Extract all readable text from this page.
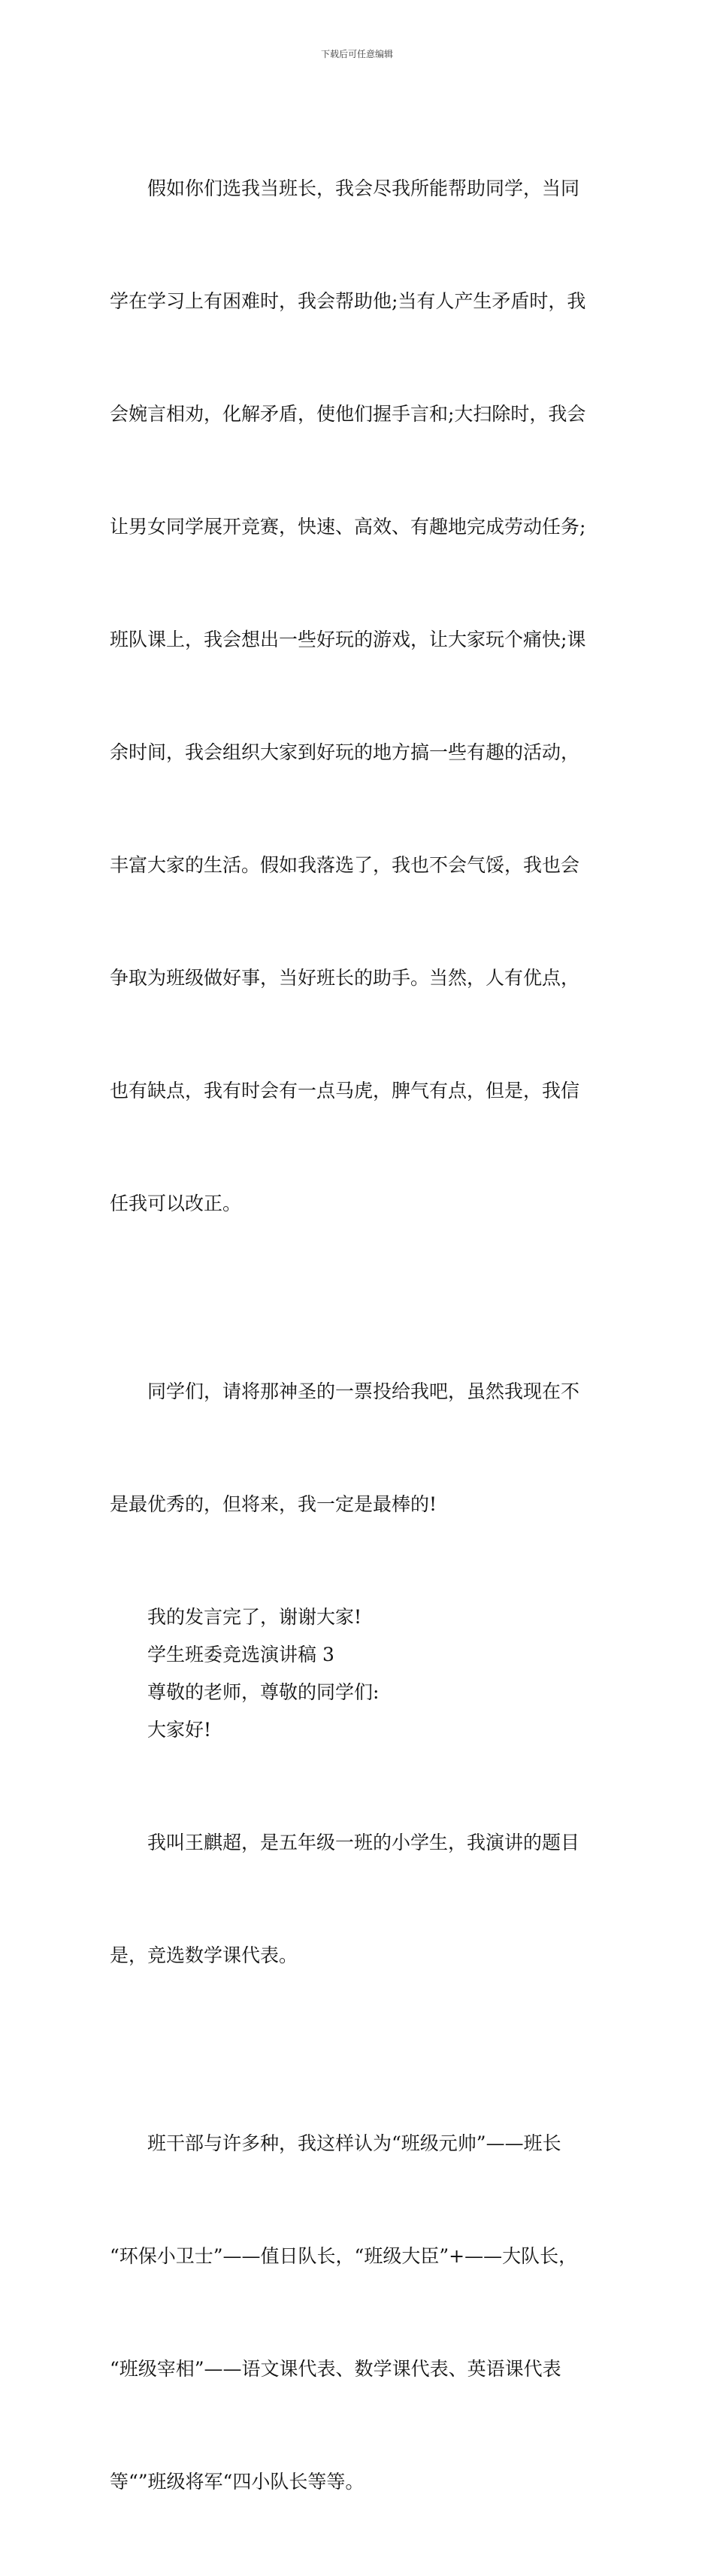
下载后可任意编辑

假如你们选我当班长，我会尽我所能帮助同学，当同

学在学习上有困难时，我会帮助他;当有人产生矛盾时，我

会婉言相劝，化解矛盾，使他们握手言和;大扫除时，我会

让男女同学展开竞赛，快速、高效、有趣地完成劳动任务;

班队课上，我会想出一些好玩的游戏，让大家玩个痛快;课

余时间，我会组织大家到好玩的地方搞一些有趣的活动，

丰富大家的生活。假如我落选了，我也不会气馁，我也会

争取为班级做好事，当好班长的助手。当然，人有优点，

也有缺点，我有时会有一点马虎，脾气有点，但是，我信

任我可以改正。

同学们，请将那神圣的一票投给我吧，虽然我现在不

是最优秀的，但将来，我一定是最棒的!

我的发言完了，谢谢大家!
学生班委竞选演讲稿 3
尊敬的老师，尊敬的同学们:
大家好!

我叫王麒超，是五年级一班的小学生，我演讲的题目

是，竞选数学课代表。

班干部与许多种，我这样认为“班级元帅”——班长

“环保小卫士”——值日队长，“班级大臣”+——大队长，

“班级宰相”——语文课代表、数学课代表、英语课代表

等“”班级将军“四小队长等等。
